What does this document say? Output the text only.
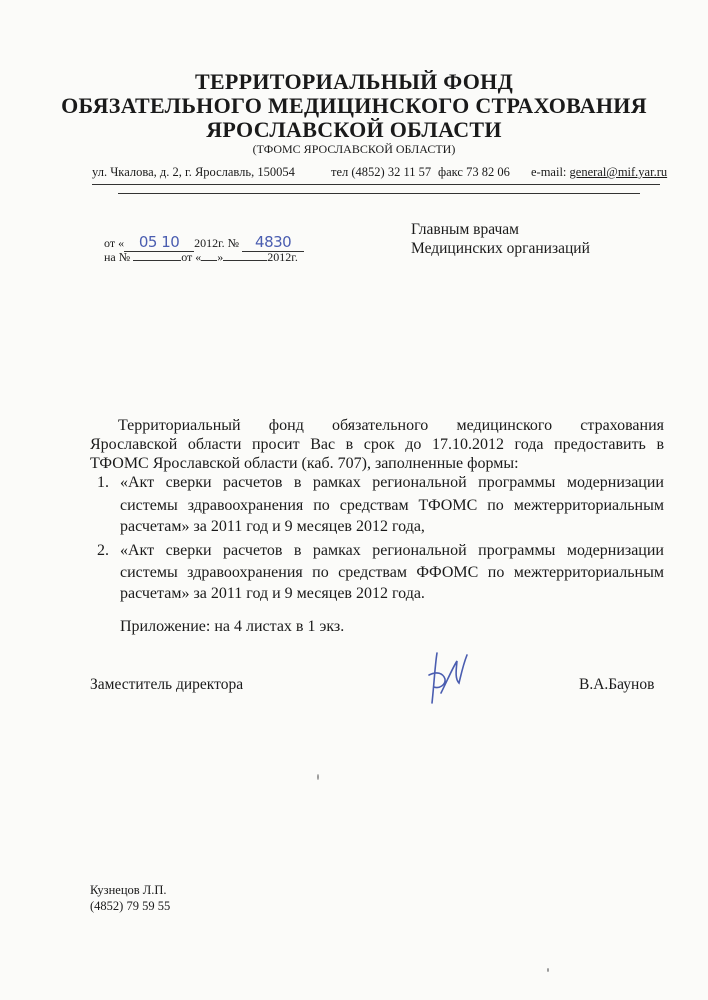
ТЕРРИТОРИАЛЬНЫЙ ФОНД
ОБЯЗАТЕЛЬНОГО МЕДИЦИНСКОГО СТРАХОВАНИЯ
ЯРОСЛАВСКОЙ ОБЛАСТИ
(ТФОМС ЯРОСЛАВСКОЙ ОБЛАСТИ)
ул. Чкалова, д. 2, г. Ярославль, 150054	тел (4852) 32 11 57 факс 73 82 06 e-mail: general@mif.yar.ru
от « 05 10 2012г. № 4830
на №	от « »	2012г.
Главным врачам
Медицинских организаций
Территориальный фонд обязательного медицинского страхования
Ярославской области просит Вас в срок до 17.10.2012 года предоставить в
ТФОМС Ярославской области (каб. 707), заполненные формы:
1. «Акт сверки расчетов в рамках региональной программы модернизации
системы здравоохранения по средствам ТФОМС по межтерриториальным
расчетам» за 2011 год и 9 месяцев 2012 года,
2. «Акт сверки расчетов в рамках региональной программы модернизации
системы здравоохранения по средствам ФФОМС по межтерриториальным
расчетам» за 2011 год и 9 месяцев 2012 года.
Приложение: на 4 листах в 1 экз.
Заместитель директора	В.А.Баунов
Кузнецов Л.П.
(4852) 79 59 55
